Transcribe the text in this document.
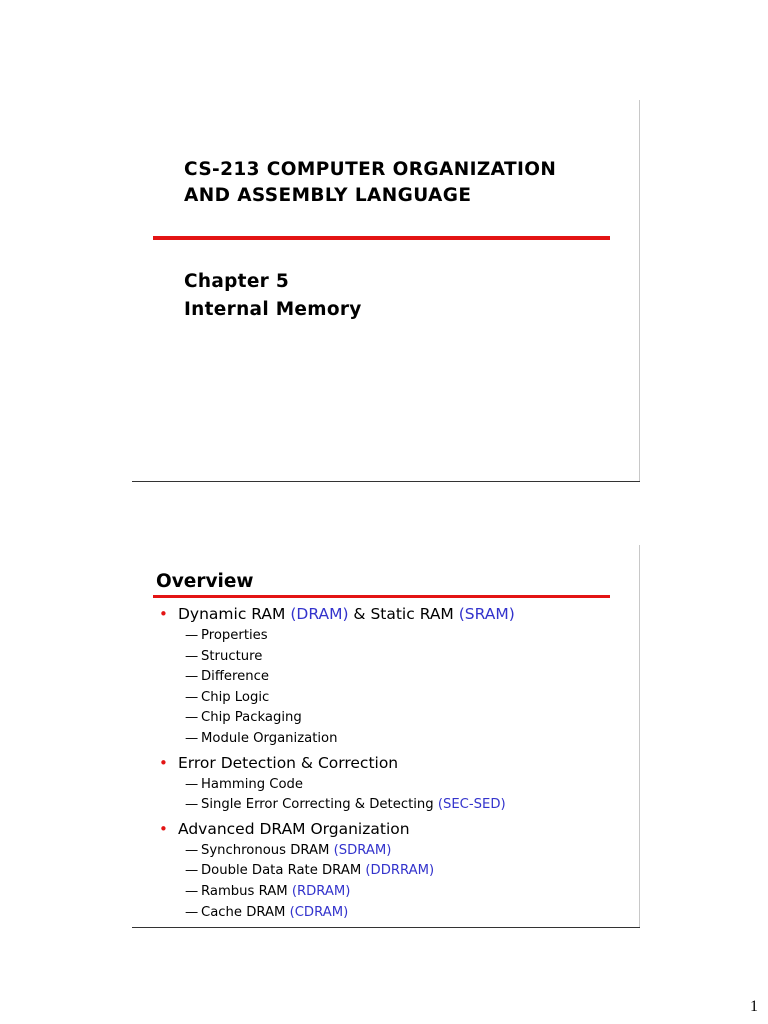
CS-213 COMPUTER ORGANIZATION
AND ASSEMBLY LANGUAGE
Chapter 5
Internal Memory
Overview
• Dynamic RAM (DRAM) & Static RAM (SRAM)
— Properties
— Structure
— Difference
— Chip Logic
— Chip Packaging
— Module Organization
• Error Detection & Correction
— Hamming Code
— Single Error Correcting & Detecting (SEC-SED)
• Advanced DRAM Organization
— Synchronous DRAM (SDRAM)
— Double Data Rate DRAM (DDRRAM)
— Rambus RAM (RDRAM)
— Cache DRAM (CDRAM)
1
